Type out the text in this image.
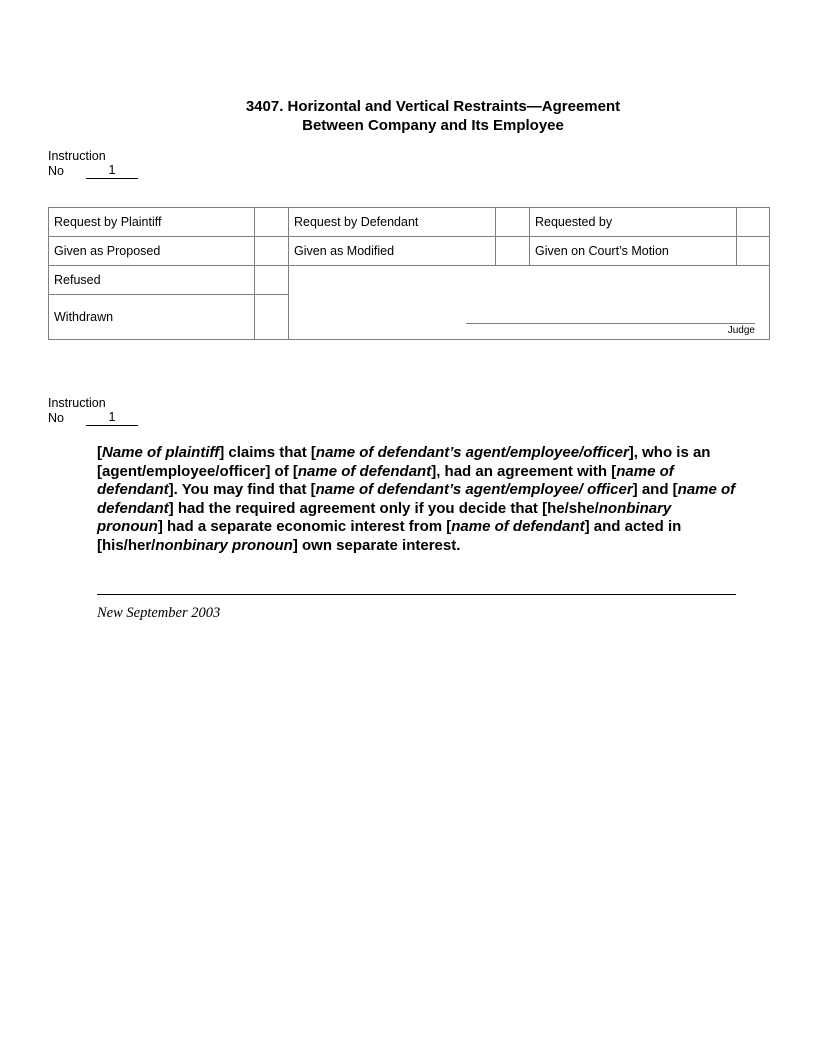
3407. Horizontal and Vertical Restraints—Agreement
Between Company and Its Employee
Instruction
No	1
Request by Plaintiff		Request by Defendant		Requested by	
Given as Proposed		Given as Modified		Given on Court’s Motion	
Refused		Judge			

Withdrawn					
Instruction
No	1
[Name of plaintiff] claims that [name of defendant’s agent/employee/officer], who is an [agent/employee/officer] of [name of defendant], had an agreement with [name of defendant]. You may find that [name of defendant’s agent/employee/ officer] and [name of defendant] had the required agreement only if you decide that [he/she/nonbinary pronoun] had a separate economic interest from [name of defendant] and acted in [his/her/nonbinary pronoun] own separate interest.
New September 2003
